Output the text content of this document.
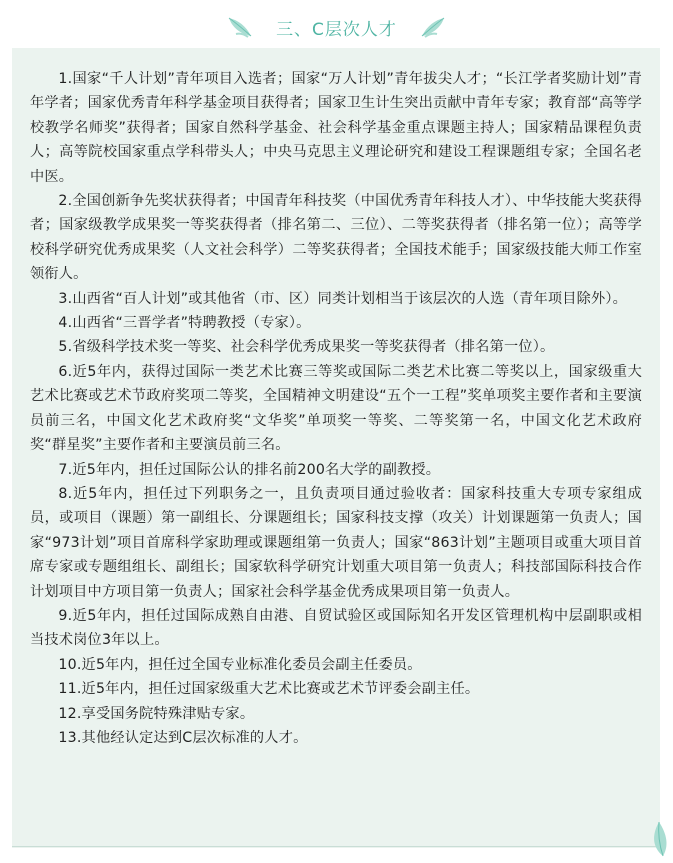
三、C层次人才

1.国家“千人计划”青年项目入选者；国家“万人计划”青年拔尖人才；“长江学者奖励计划”青年学者；国家优秀青年科学基金项目获得者；国家卫生计生突出贡献中青年专家；教育部“高等学校教学名师奖”获得者；国家自然科学基金、社会科学基金重点课题主持人；国家精品课程负责人；高等院校国家重点学科带头人；中央马克思主义理论研究和建设工程课题组专家；全国名老中医。

2.全国创新争先奖状获得者；中国青年科技奖（中国优秀青年科技人才）、中华技能大奖获得者；国家级教学成果奖一等奖获得者（排名第二、三位）、二等奖获得者（排名第一位）；高等学校科学研究优秀成果奖（人文社会科学）二等奖获得者；全国技术能手；国家级技能大师工作室领衔人。

3.山西省“百人计划”或其他省（市、区）同类计划相当于该层次的人选（青年项目除外）。

4.山西省“三晋学者”特聘教授（专家）。

5.省级科学技术奖一等奖、社会科学优秀成果奖一等奖获得者（排名第一位）。

6.近5年内，获得过国际一类艺术比赛三等奖或国际二类艺术比赛二等奖以上，国家级重大艺术比赛或艺术节政府奖项二等奖，全国精神文明建设“五个一工程”奖单项奖主要作者和主要演员前三名，中国文化艺术政府奖“文华奖”单项奖一等奖、二等奖第一名，中国文化艺术政府奖“群星奖”主要作者和主要演员前三名。

7.近5年内，担任过国际公认的排名前200名大学的副教授。

8.近5年内，担任过下列职务之一，且负责项目通过验收者：国家科技重大专项专家组成员，或项目（课题）第一副组长、分课题组长；国家科技支撑（攻关）计划课题第一负责人；国家“973计划”项目首席科学家助理或课题组第一负责人；国家“863计划”主题项目或重大项目首席专家或专题组组长、副组长；国家软科学研究计划重大项目第一负责人；科技部国际科技合作计划项目中方项目第一负责人；国家社会科学基金优秀成果项目第一负责人。

9.近5年内，担任过国际成熟自由港、自贸试验区或国际知名开发区管理机构中层副职或相当技术岗位3年以上。

10.近5年内，担任过全国专业标准化委员会副主任委员。

11.近5年内，担任过国家级重大艺术比赛或艺术节评委会副主任。

12.享受国务院特殊津贴专家。

13.其他经认定达到C层次标准的人才。
